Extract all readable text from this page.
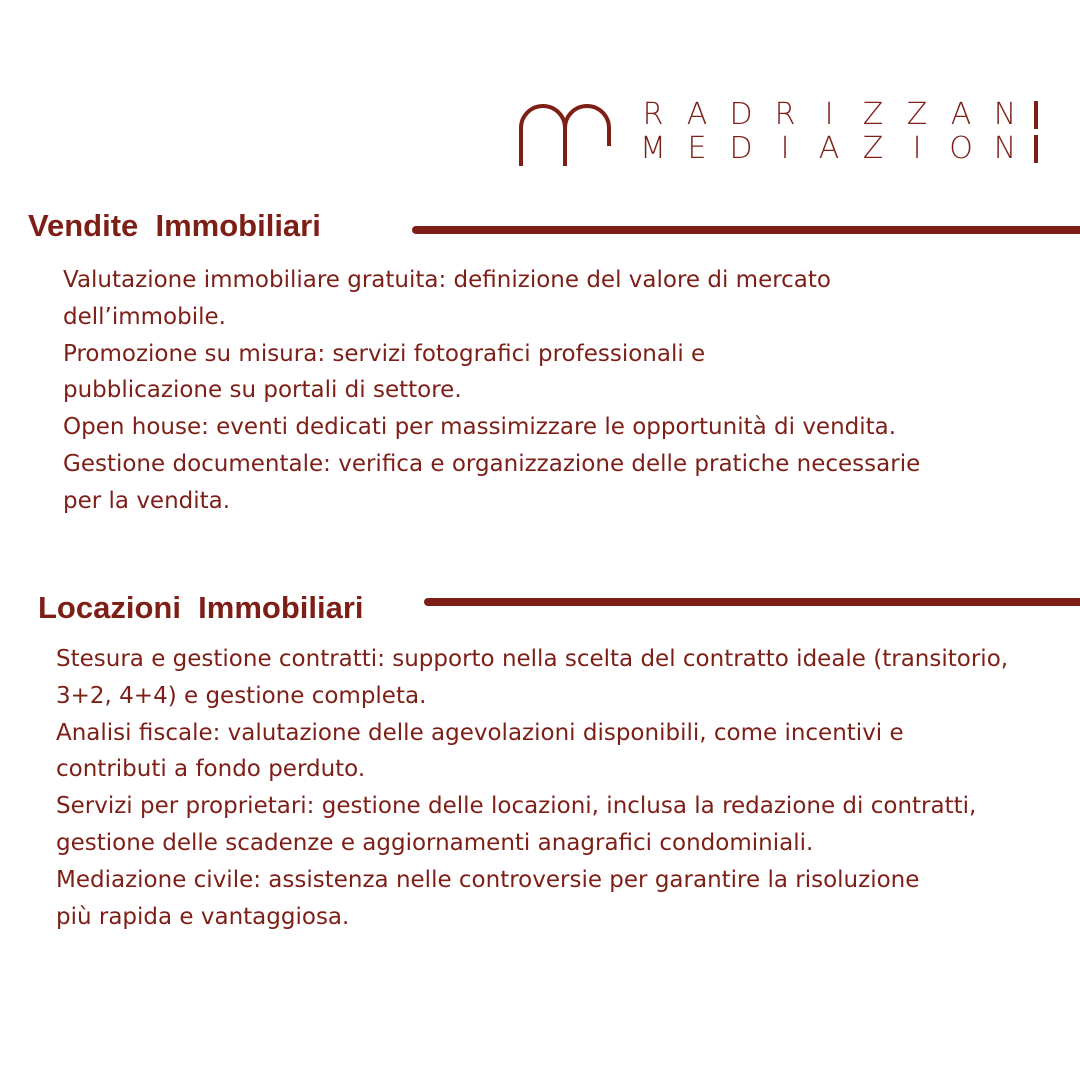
R A D R I Z Z A N
M E D I A Z I O N
Vendite  Immobiliari

Valutazione immobiliare gratuita: definizione del valore di mercato dell’immobile.

Promozione su misura: servizi fotografici professionali e pubblicazione su portali di settore.

Open house: eventi dedicati per massimizzare le opportunità di vendita.

Gestione documentale: verifica e organizzazione delle pratiche necessarie per la vendita.

Locazioni  Immobiliari

Stesura e gestione contratti: supporto nella scelta del contratto ideale (transitorio, 3+2, 4+4) e gestione completa.

Analisi fiscale: valutazione delle agevolazioni disponibili, come incentivi e contributi a fondo perduto.

Servizi per proprietari: gestione delle locazioni, inclusa la redazione di contratti, gestione delle scadenze e aggiornamenti anagrafici condominiali.

Mediazione civile: assistenza nelle controversie per garantire la risoluzione più rapida e vantaggiosa.
